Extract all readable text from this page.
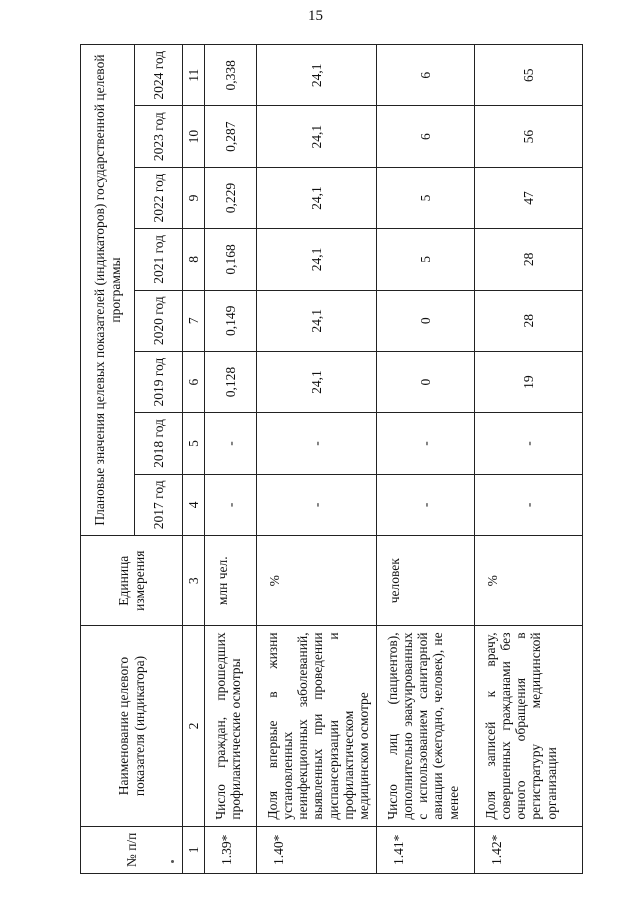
15
№ п/п	Наименование целевого показателя (индикатора)	Единица измерения	Плановые значения целевых показателей (индикаторов) государственной целевой программы							
			2017 год	2018 год	2019 год	2020 год	2021 год	2022 год	2023 год	2024 год
1	2	3	4	5	6	7	8	9	10	11
1.39*	Число граждан, прошедших профилактические осмотры	млн чел.	-	-	0,128	0,149	0,168	0,229	0,287	0,338
1.40*	Доля впервые в жизни установленных неинфекционных заболеваний, выявленных при проведении диспансеризации и профилактическом медицинском осмотре	%	-	-	24,1	24,1	24,1	24,1	24,1	24,1
1.41*	Число лиц (пациентов), дополнительно эвакуированных с использованием санитарной авиации (ежегодно, человек), не менее	человек	-	-	0	0	5	5	6	6
1.42*	Доля записей к врачу, совершенных гражданами без очного обращения в регистратуру медицинской организации	%	-	-	19	28	28	47	56	65
